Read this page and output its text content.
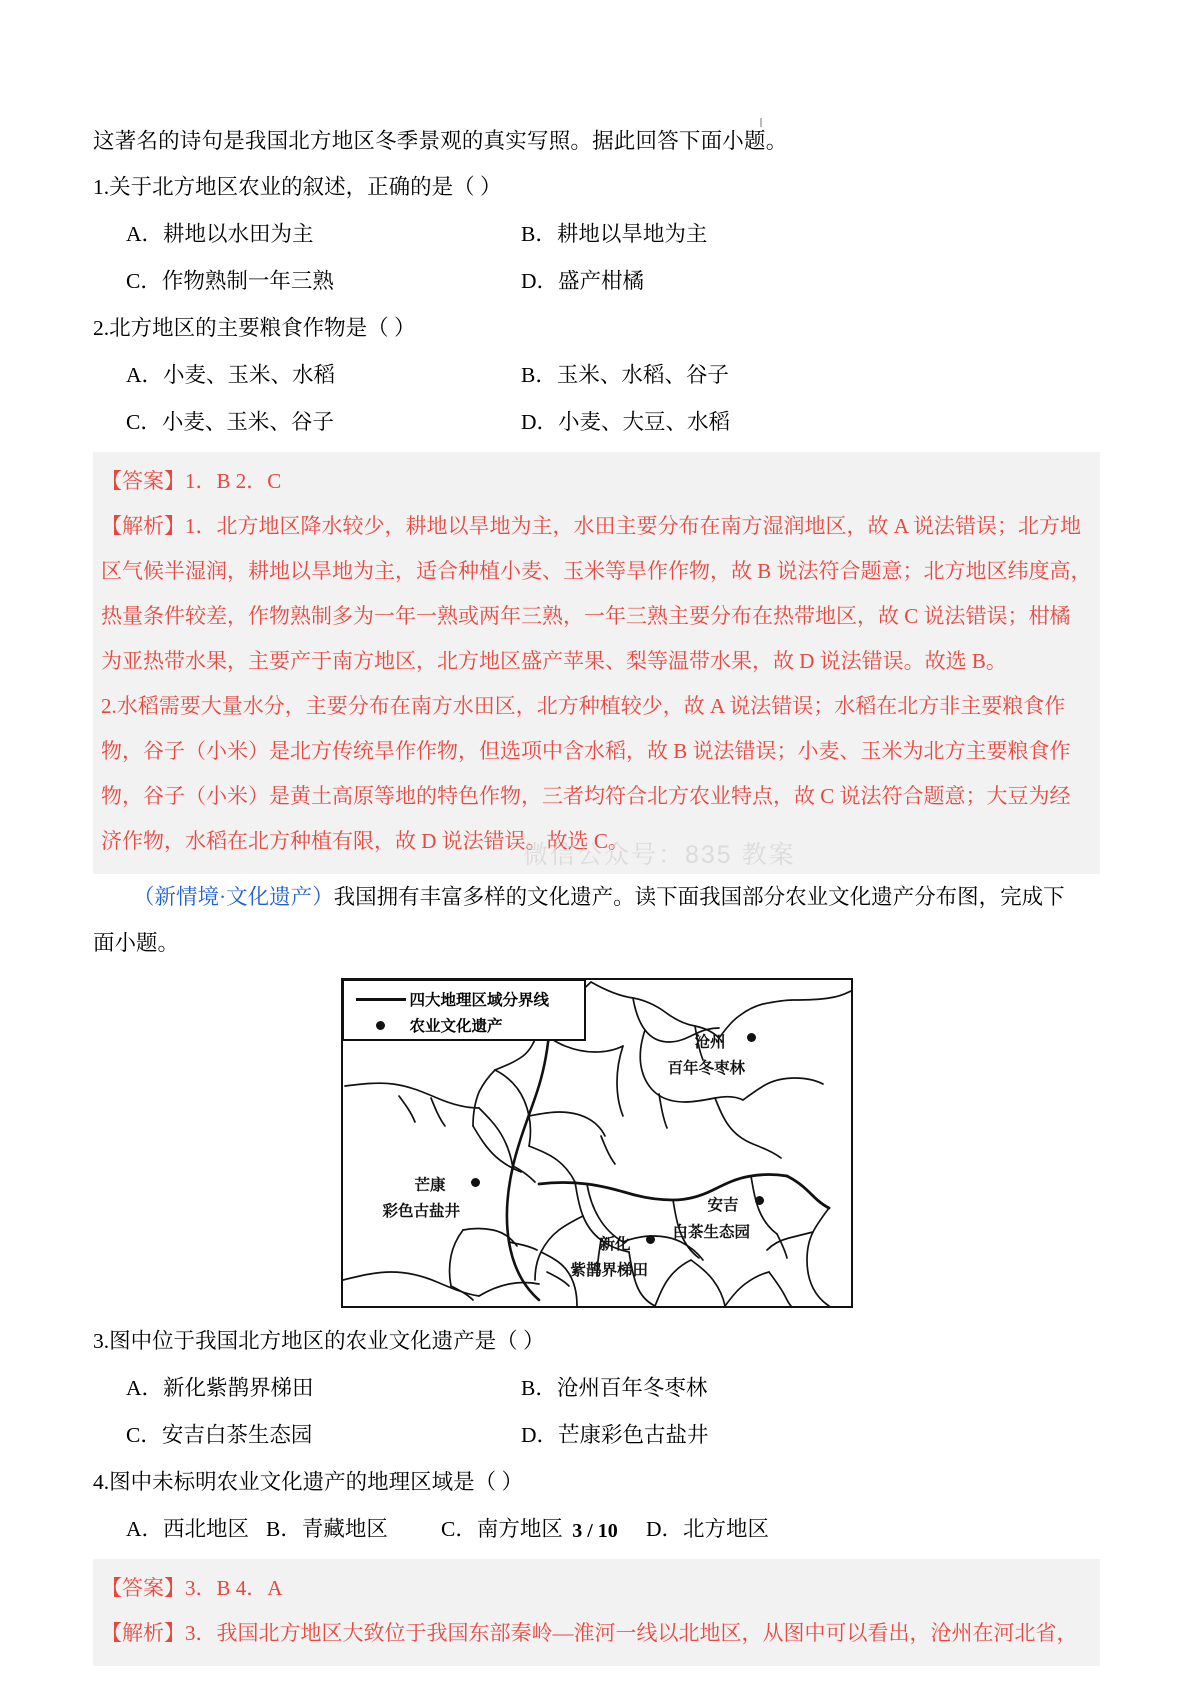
这著名的诗句是我国北方地区冬季景观的真实写照。据此回答下面小题。
1.关于北方地区农业的叙述，正确的是（ ）
A．耕地以水田为主	B．耕地以旱地为主
C．作物熟制一年三熟	D．盛产柑橘
2.北方地区的主要粮食作物是（ ）
A．小麦、玉米、水稻	B．玉米、水稻、谷子
C．小麦、玉米、谷子	D．小麦、大豆、水稻
【答案】1．B 2．C
【解析】1．北方地区降水较少，耕地以旱地为主，水田主要分布在南方湿润地区，故 A 说法错误；北方地
区气候半湿润，耕地以旱地为主，适合种植小麦、玉米等旱作作物，故 B 说法符合题意；北方地区纬度高，
热量条件较差，作物熟制多为一年一熟或两年三熟，一年三熟主要分布在热带地区，故 C 说法错误；柑橘
为亚热带水果，主要产于南方地区，北方地区盛产苹果、梨等温带水果，故 D 说法错误。故选 B。
2.水稻需要大量水分，主要分布在南方水田区，北方种植较少，故 A 说法错误；水稻在北方非主要粮食作
物，谷子（小米）是北方传统旱作作物，但选项中含水稻，故 B 说法错误；小麦、玉米为北方主要粮食作
物，谷子（小米）是黄土高原等地的特色作物，三者均符合北方农业特点，故 C 说法符合题意；大豆为经
济作物，水稻在北方种植有限，故 D 说法错误。故选 C。
（新情境·文化遗产）我国拥有丰富多样的文化遗产。读下面我国部分农业文化遗产分布图，完成下
微信公众号：835 教案
面小题。
四大地理区域分界线
农业文化遗产
沧州
百年冬枣林
安吉
白茶生态园
新化
紫鹊界梯田
芒康
彩色古盐井
3.图中位于我国北方地区的农业文化遗产是（ ）
A．新化紫鹊界梯田	B．沧州百年冬枣林
C．安吉白茶生态园	D．芒康彩色古盐井
4.图中未标明农业文化遗产的地理区域是（ ）
A．西北地区 B．青藏地区	C．南方地区	D．北方地区
【答案】3．B 4．A
【解析】3．我国北方地区大致位于我国东部秦岭—淮河一线以北地区，从图中可以看出，沧州在河北省，
3 / 10
